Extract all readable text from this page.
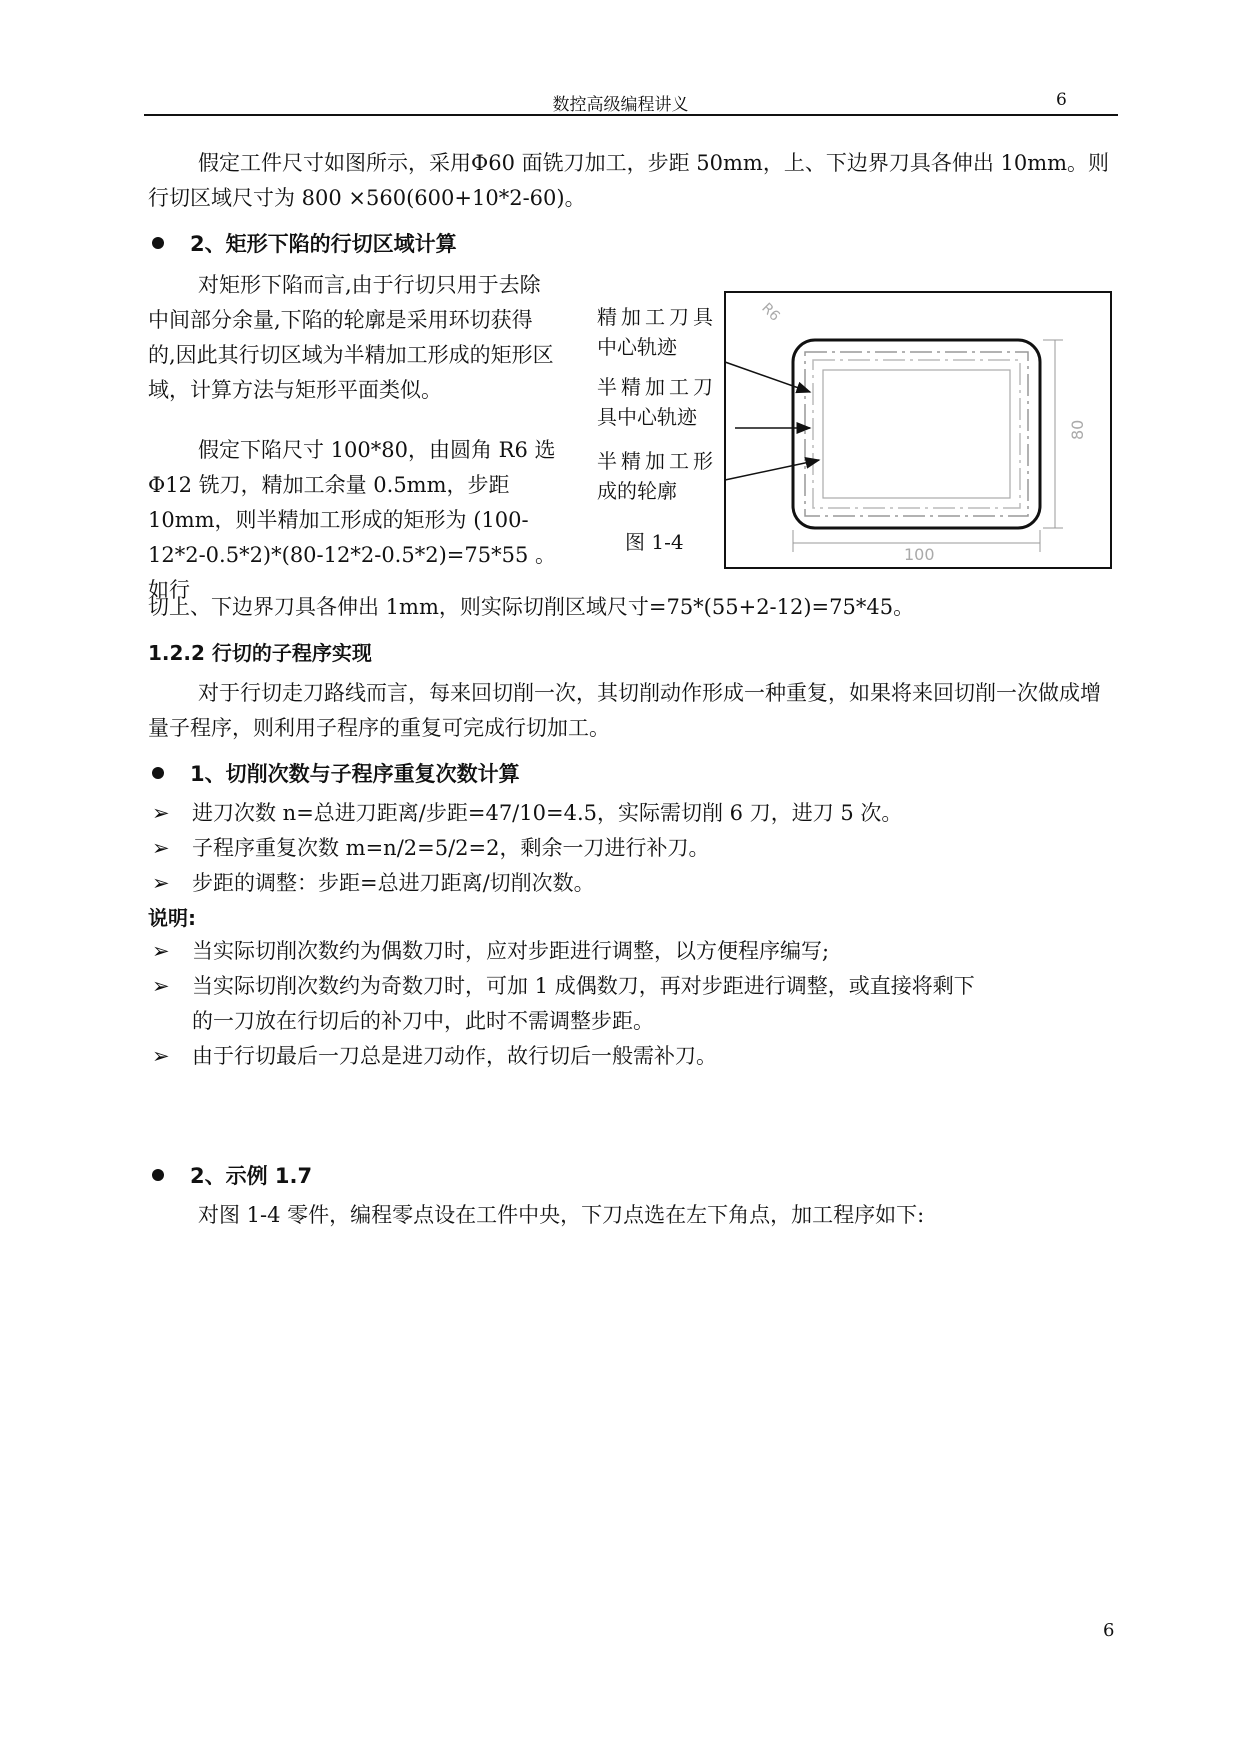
数控高级编程讲义	6

假定工件尺寸如图所示，采用Φ60 面铣刀加工，步距 50mm，上、下边界刀具各伸出 10mm。则行切区域尺寸为 800 ×560(600+10*2-60)。

2、矩形下陷的行切区域计算

对矩形下陷而言,由于行切只用于去除中间部分余量,下陷的轮廓是采用环切获得的,因此其行切区域为半精加工形成的矩形区域，计算方法与矩形平面类似。

假定下陷尺寸 100*80，由圆角 R6 选Φ12 铣刀，精加工余量 0.5mm，步距 10mm，则半精加工形成的矩形为 (100-12*2-0.5*2)*(80-12*2-0.5*2)=75*55 。如行

切上、下边界刀具各伸出 1mm，则实际切削区域尺寸=75*(55+2-12)=75*45。

R6
80
100
精加工刀具
中心轨迹
半精加工刀
具中心轨迹
半精加工形
成的轮廓
图 1-4
1.2.2 行切的子程序实现

对于行切走刀路线而言，每来回切削一次，其切削动作形成一种重复，如果将来回切削一次做成增量子程序，则利用子程序的重复可完成行切加工。

1、切削次数与子程序重复次数计算
➢ 进刀次数 n=总进刀距离/步距=47/10=4.5，实际需切削 6 刀，进刀 5 次。
➢ 子程序重复次数 m=n/2=5/2=2，剩余一刀进行补刀。
➢ 步距的调整：步距=总进刀距离/切削次数。
说明:
➢ 当实际切削次数约为偶数刀时，应对步距进行调整，以方便程序编写;
➢ 当实际切削次数约为奇数刀时，可加 1 成偶数刀，再对步距进行调整，或直接将剩下
的一刀放在行切后的补刀中，此时不需调整步距。
➢ 由于行切最后一刀总是进刀动作，故行切后一般需补刀。
2、示例 1.7

对图 1-4 零件，编程零点设在工件中央，下刀点选在左下角点，加工程序如下:

6
